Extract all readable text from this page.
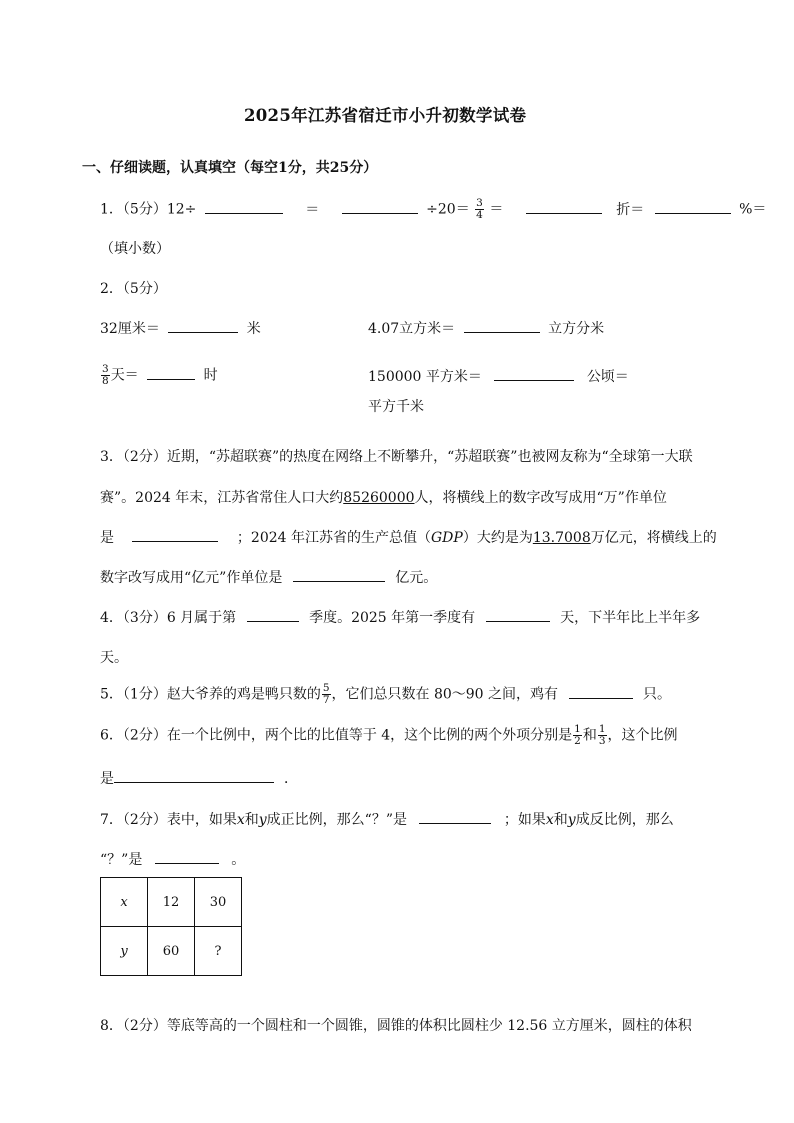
2025年江苏省宿迁市小升初数学试卷
一、仔细读题，认真填空（每空1分，共25分）
1．（5分）12÷	＝	$\div 20= \frac{3}{4}$ ＝	折＝	%＝
（填小数）
2．（5分）
32厘米＝	米	4.07立方米＝	立方分米
$\frac{3}{8}$ 天＝	时	150000 平方米＝	公顷＝
平方千米
3．（2分）近期，“苏超联赛”的热度在网络上不断攀升，“苏超联赛”也被网友称为“全球第一大联
赛”。2024 年末，江苏省常住人口大约85260000人，将横线上的数字改写成用“万”作单位
是	；2024 年江苏省的生产总值（GDP）大约是为13.7008万亿元，将横线上的
数字改写成用“亿元”作单位是	亿元。
4．（3分）6 月属于第	季度。2025 年第一季度有	天，下半年比上半年多
天。
5．（1分）赵大爷养的鸡是鸭只数的 $\frac{5}{7}$ ，它们总只数在 80～90 之间，鸡有	只。
6．（2分）在一个比例中，两个比的比值等于 4，这个比例的两个外项分别是 $\frac{1}{2}$ 和 $\frac{1}{3}$ ，这个比例
是	．
7．（2分）表中，如果x和y成正比例，那么“？”是	；如果x和y成反比例，那么
“？”是	。
x	12	30
y	60	?
8．（2分）等底等高的一个圆柱和一个圆锥，圆锥的体积比圆柱少 12.56 立方厘米，圆柱的体积
